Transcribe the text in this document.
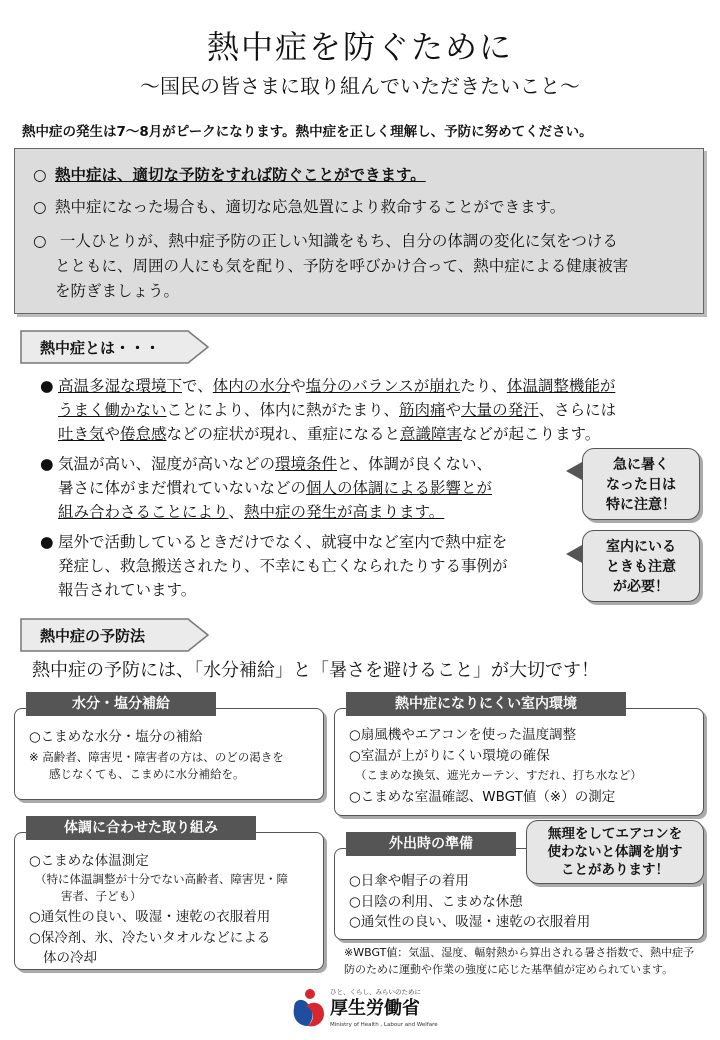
熱中症を防ぐために
〜国民の皆さまに取り組んでいただきたいこと〜
熱中症の発生は7〜8月がピークになります。熱中症を正しく理解し、予防に努めてください。
○ 熱中症は、適切な予防をすれば防ぐことができます。
○ 熱中症になった場合も、適切な応急処置により救命することができます。
○ 一人ひとりが、熱中症予防の正しい知識をもち、自分の体調の変化に気をつける
とともに、周囲の人にも気を配り、予防を呼びかけ合って、熱中症による健康被害
を防ぎましょう。
熱中症とは・・・
● 高温多湿な環境下で、体内の水分や塩分のバランスが崩れたり、体温調整機能が
うまく働かないことにより、体内に熱がたまり、筋肉痛や大量の発汗、さらには
吐き気や倦怠感などの症状が現れ、重症になると意識障害などが起こります。
● 気温が高い、湿度が高いなどの環境条件と、体調が良くない、
暑さに体がまだ慣れていないなどの個人の体調による影響とが
組み合わさることにより、熱中症の発生が高まります。
● 屋外で活動しているときだけでなく、就寝中など室内で熱中症を
発症し、救急搬送されたり、不幸にも亡くなられたりする事例が
報告されています。
急に暑く
なった日は
特に注意！
室内にいる
ときも注意
が必要！
熱中症の予防法
熱中症の予防には、「水分補給」と「暑さを避けること」が大切です！
水分・塩分補給
○こまめな水分・塩分の補給
※ 高齢者、障害児・障害者の方は、のどの渇きを
感じなくても、こまめに水分補給を。
熱中症になりにくい室内環境
○扇風機やエアコンを使った温度調整
○室温が上がりにくい環境の確保
（こまめな換気、遮光カーテン、すだれ、打ち水など）
○こまめな室温確認、WBGT値（※）の測定
体調に合わせた取り組み
○こまめな体温測定
（特に体温調整が十分でない高齢者、障害児・障
害者、子ども）
○通気性の良い、吸湿・速乾の衣服着用
○保冷剤、氷、冷たいタオルなどによる
体の冷却
外出時の準備
○日傘や帽子の着用
○日陰の利用、こまめな休憩
○通気性の良い、吸湿・速乾の衣服着用
無理をしてエアコンを
使わないと体調を崩す
ことがあります！
※WBGT値：気温、湿度、輻射熱から算出される暑さ指数で、熱中症予
防のために運動や作業の強度に応じた基準値が定められています。
ひと、くらし、みらいのために
厚生労働省
Ministry of Health , Labour and Welfare
